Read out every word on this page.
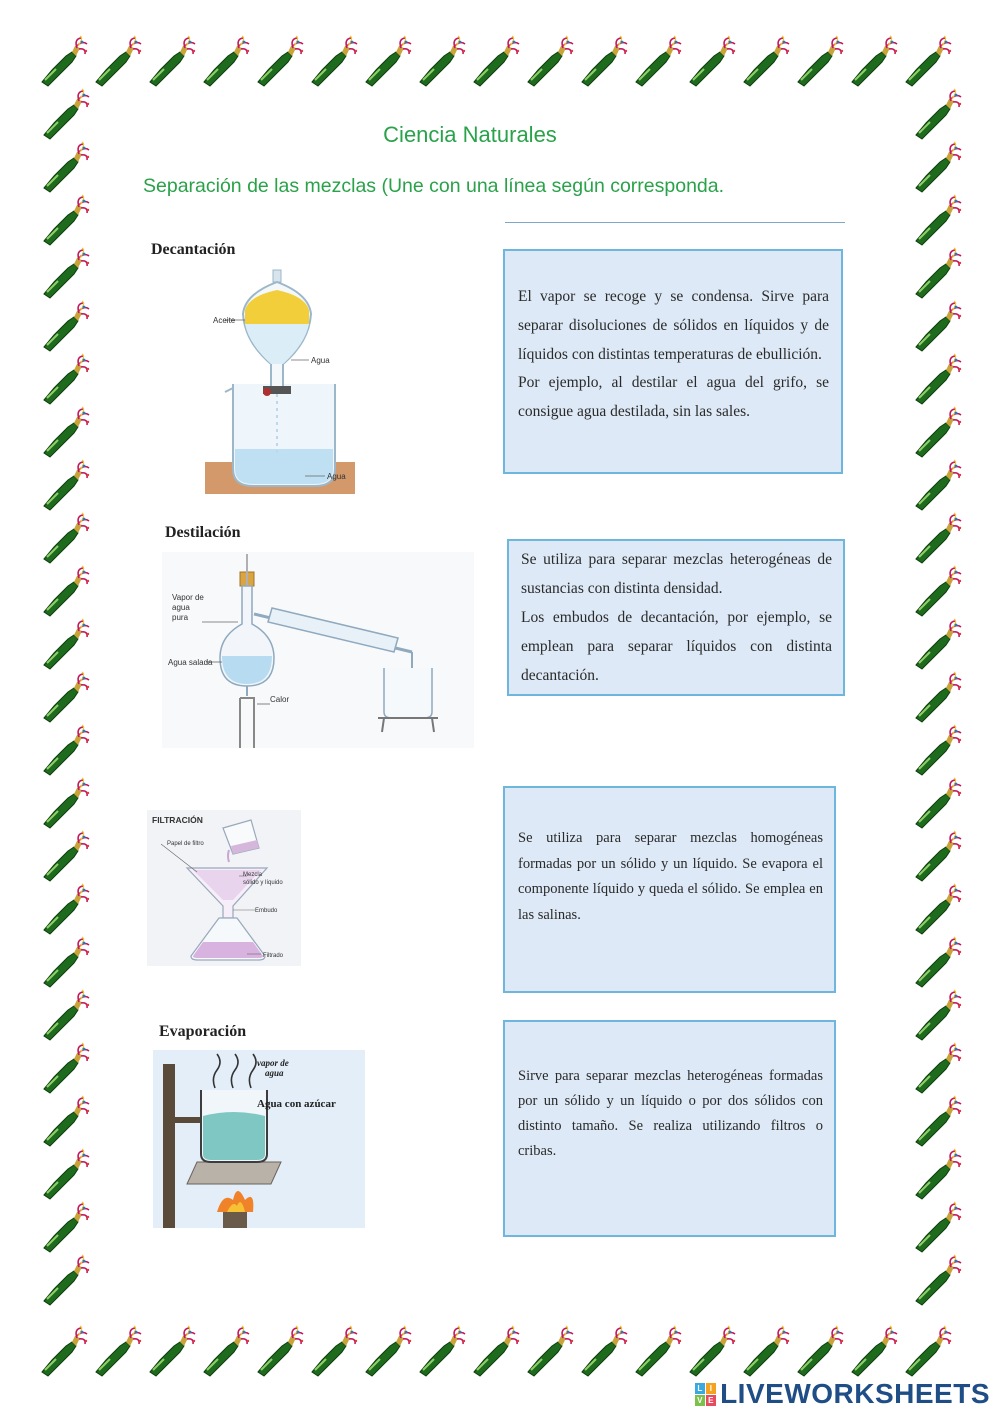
Ciencia Naturales
Separación de las mezclas (Une con una línea según corresponda.
Decantación
Aceite
Agua
Agua
Destilación
Vapor de
agua
pura
Agua salada
Calor
FILTRACIÓN
Papel de filtro
Mezcla
sólido y líquido
Embudo
Filtrado
Evaporación
vapor de
agua
Agua con azúcar

El vapor se recoge y se condensa. Sirve para separar disoluciones de sólidos en líquidos y de líquidos con distintas temperaturas de ebullición.

Por ejemplo, al destilar el agua del grifo, se consigue agua destilada, sin las sales.

Se utiliza para separar mezclas heterogéneas de sustancias con distinta densidad.

Los embudos de decantación, por ejemplo, se emplean para separar líquidos con distinta decantación.

Se utiliza para separar mezclas homogéneas formadas por un sólido y un líquido. Se evapora el componente líquido y queda el sólido. Se emplea en las salinas.

Sirve para separar mezclas heterogéneas formadas por un sólido y un líquido o por dos sólidos con distinto tamaño. Se realiza utilizando filtros o cribas.

L I
V E LIVEWORKSHEETS
